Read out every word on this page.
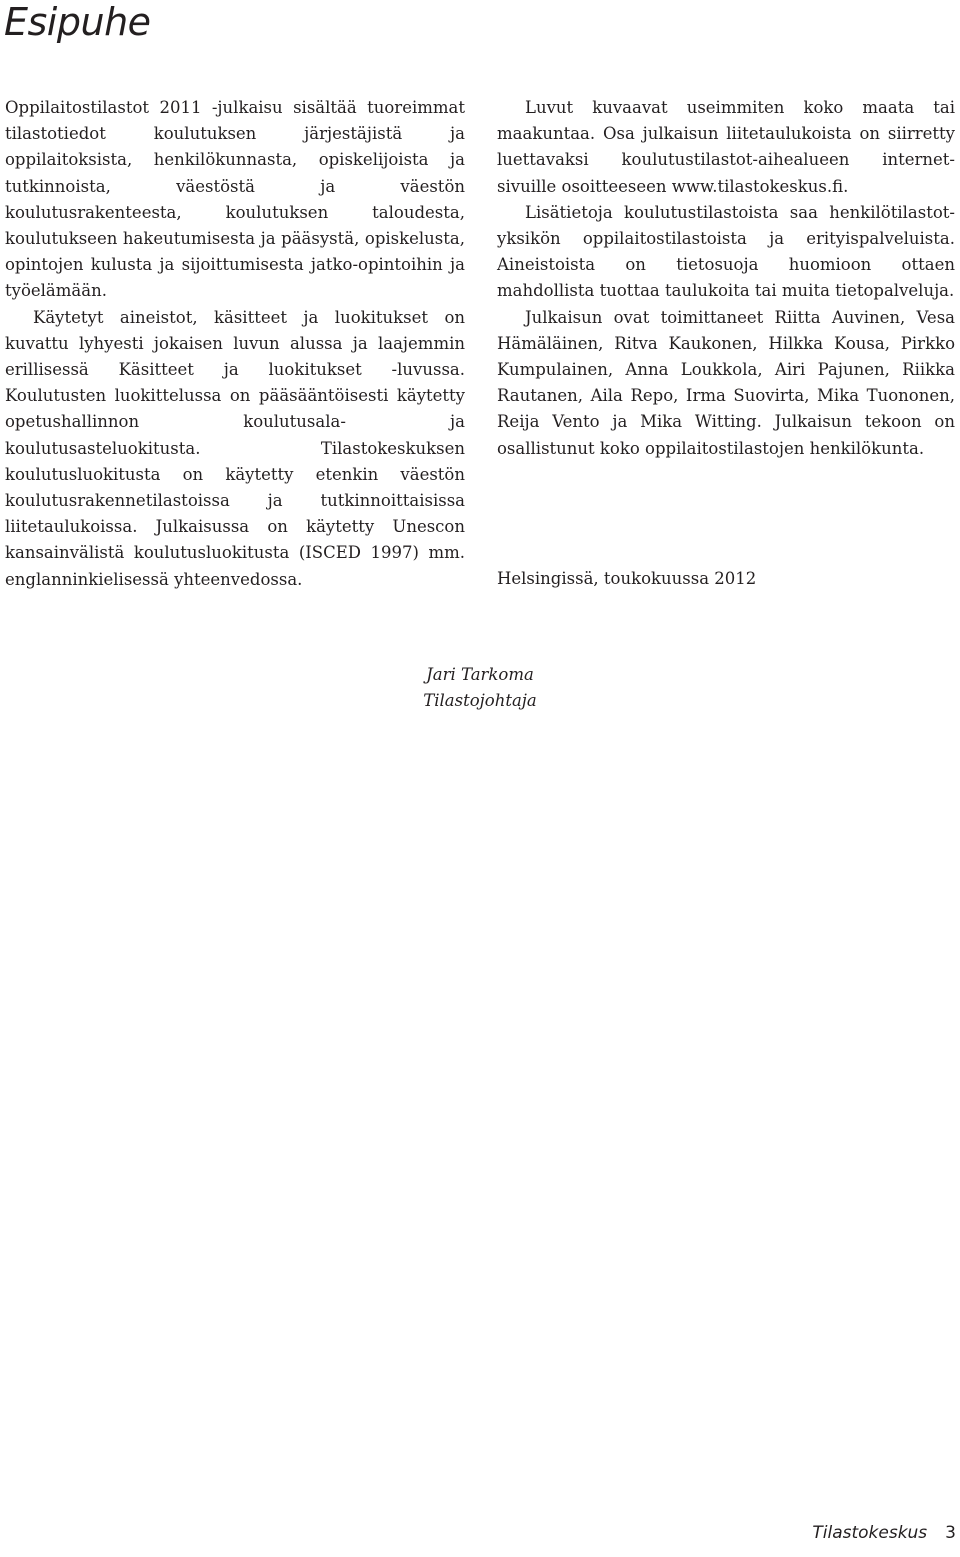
Esipuhe

Oppilaitostilastot 2011 -julkaisu sisältää tuoreimmat tilastotiedot koulutuksen järjestäjistä ja oppilaitoksista, henkilökunnasta, opiskelijoista ja tutkinnoista, väestöstä ja väestön koulutusrakenteesta, koulutuksen taloudesta, koulutukseen hakeutumisesta ja pääsystä, opiskelusta, opintojen kulusta ja sijoittumisesta jatko-opintoihin ja työelämään.

Käytetyt aineistot, käsitteet ja luokitukset on kuvattu lyhyesti jokaisen luvun alussa ja laajemmin erillisessä Käsitteet ja luokitukset -luvussa. Koulutusten luokittelussa on pääsääntöisesti käytetty opetushallinnon koulutusala- ja koulutusasteluokitusta. Tilastokeskuksen koulutusluokitusta on käytetty etenkin väestön koulutusrakennetilastoissa ja tutkinnoittaisissa liitetaulukoissa. Julkaisussa on käytetty Unescon kansainvälistä koulutusluokitusta (ISCED 1997) mm. englanninkielisessä yhteenvedossa.

Luvut kuvaavat useimmiten koko maata tai maakuntaa. Osa julkaisun liitetaulukoista on siirretty luettavaksi koulutustilastot-aihealueen internet-sivuille osoitteeseen www.tilastokeskus.fi.

Lisätietoja koulutustilastoista saa henkilötilastot-yksikön oppilaitostilastoista ja erityispalveluista. Aineistoista on tietosuoja huomioon ottaen mahdollista tuottaa taulukoita tai muita tietopalveluja.

Julkaisun ovat toimittaneet Riitta Auvinen, Vesa Hämäläinen, Ritva Kaukonen, Hilkka Kousa, Pirkko Kumpulainen, Anna Loukkola, Airi Pajunen, Riikka Rautanen, Aila Repo, Irma Suovirta, Mika Tuononen, Reija Vento ja Mika Witting. Julkaisun tekoon on osallistunut koko oppilaitostilastojen henkilökunta.

Helsingissä, toukokuussa 2012

Jari Tarkoma
Tilastojohtaja
Tilastokeskus 3
